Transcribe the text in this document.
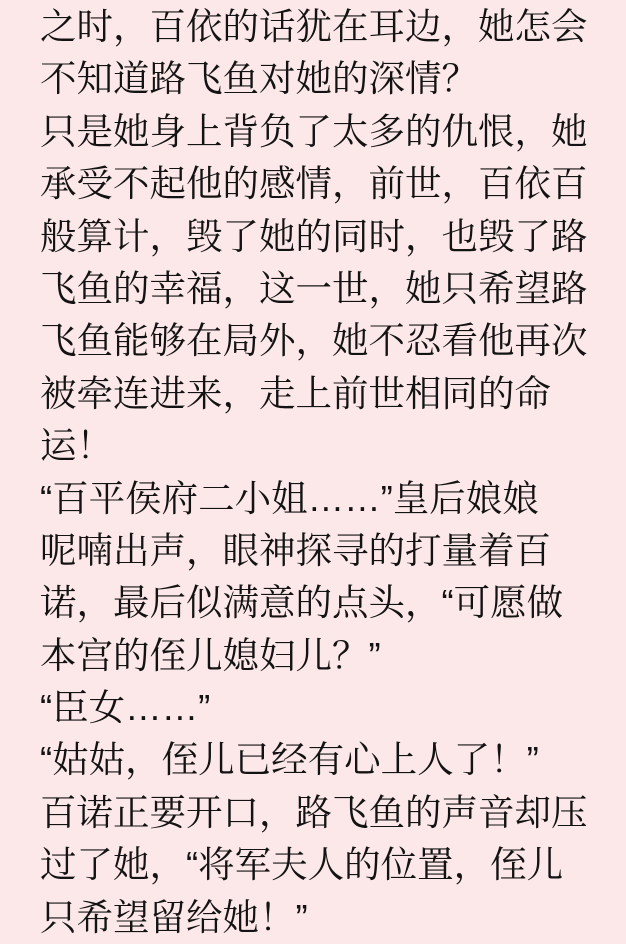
之时，百依的话犹在耳边，她怎会
不知道路飞鱼对她的深情？
只是她身上背负了太多的仇恨，她
承受不起他的感情，前世，百依百
般算计，毁了她的同时，也毁了路
飞鱼的幸福，这一世，她只希望路
飞鱼能够在局外，她不忍看他再次
被牵连进来，走上前世相同的命
运！
“百平侯府二小姐……”皇后娘娘
呢喃出声，眼神探寻的打量着百
诺，最后似满意的点头，“可愿做
本宫的侄儿媳妇儿？”
“臣女……”
“姑姑，侄儿已经有心上人了！”
百诺正要开口，路飞鱼的声音却压
过了她，“将军夫人的位置，侄儿
只希望留给她！”
